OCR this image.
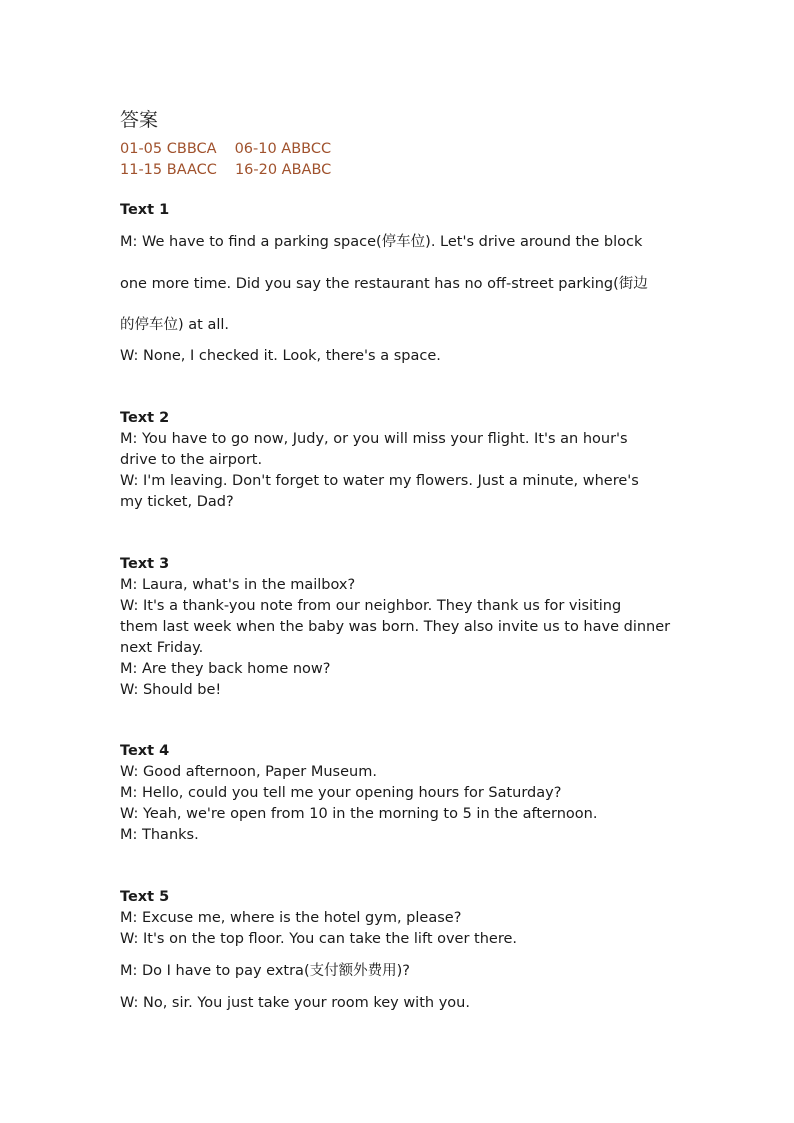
答案
01-05 CBBCA 06-10 ABBCC
11-15 BAACC 16-20 ABABC
Text 1
M: We have to find a parking space(停车位). Let's drive around the block
one more time. Did you say the restaurant has no off-street parking(街边
的停车位) at all.
W: None, I checked it. Look, there's a space.
Text 2
M: You have to go now, Judy, or you will miss your flight. It's an hour's
drive to the airport.
W: I'm leaving. Don't forget to water my flowers. Just a minute, where's
my ticket, Dad?
Text 3
M: Laura, what's in the mailbox?
W: It's a thank-you note from our neighbor. They thank us for visiting
them last week when the baby was born. They also invite us to have dinner
next Friday.
M: Are they back home now?
W: Should be!
Text 4
W: Good afternoon, Paper Museum.
M: Hello, could you tell me your opening hours for Saturday?
W: Yeah, we're open from 10 in the morning to 5 in the afternoon.
M: Thanks.
Text 5
M: Excuse me, where is the hotel gym, please?
W: It's on the top floor. You can take the lift over there.
M: Do I have to pay extra(支付额外费用)?
W: No, sir. You just take your room key with you.
